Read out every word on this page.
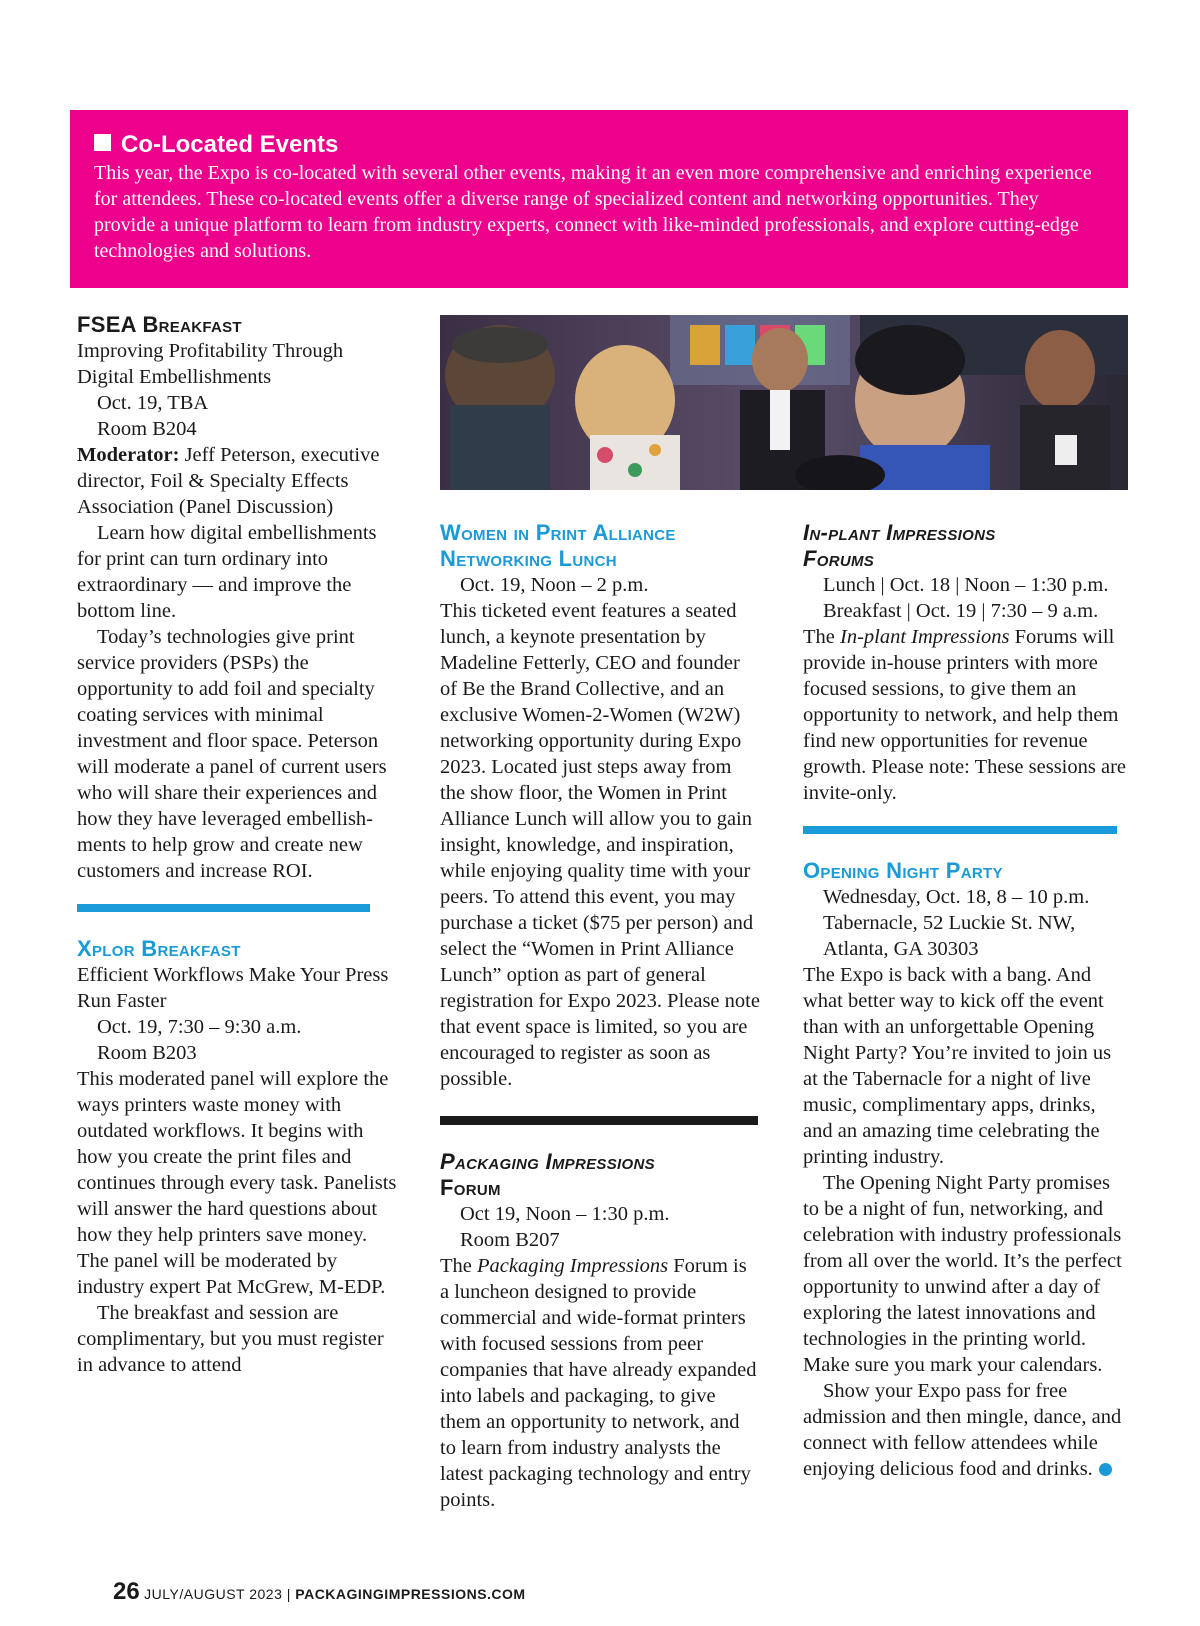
Co-Located Events
This year, the Expo is co-located with several other events, making it an even more comprehensive and enriching experience for attendees. These co-located events offer a diverse range of specialized content and networking opportunities. They provide a unique platform to learn from industry experts, connect with like-minded professionals, and explore cutting-edge technologies and solutions.
FSEA Breakfast

Improving Profitability Through Digital Embellishments

Oct. 19, TBA

Room B204

Moderator: Jeff Peterson, executive director, Foil & Specialty Effects Association (Panel Discussion)

Learn how digital embellishments for print can turn ordinary into extraordinary — and improve the bottom line.

Today’s technologies give print service providers (PSPs) the opportunity to add foil and specialty coating services with minimal investment and floor space. Peterson will moderate a panel of current users who will share their experiences and how they have leveraged embellish-ments to help grow and create new customers and increase ROI.

Xplor Breakfast

Efficient Workflows Make Your Press Run Faster

Oct. 19, 7:30 – 9:30 a.m.

Room B203

This moderated panel will explore the ways printers waste money with outdated workflows. It begins with how you create the print files and continues through every task. Panelists will answer the hard questions about how they help printers save money. The panel will be moderated by industry expert Pat McGrew, M-EDP.

The breakfast and session are complimentary, but you must register in advance to attend

Women in Print Alliance
Networking Lunch

Oct. 19, Noon – 2 p.m.

This ticketed event features a seated lunch, a keynote presentation by Madeline Fetterly, CEO and founder of Be the Brand Collective, and an exclusive Women-2-Women (W2W) networking opportunity during Expo 2023. Located just steps away from the show floor, the Women in Print Alliance Lunch will allow you to gain insight, knowledge, and inspiration, while enjoying quality time with your peers. To attend this event, you may purchase a ticket ($75 per person) and select the “Women in Print Alliance Lunch” option as part of general registration for Expo 2023. Please note that event space is limited, so you are encouraged to register as soon as possible.

Packaging Impressions
Forum

Oct 19, Noon – 1:30 p.m.

Room B207

The Packaging Impressions Forum is a luncheon designed to provide commercial and wide-format printers with focused sessions from peer companies that have already expanded into labels and packaging, to give them an opportunity to network, and to learn from industry analysts the latest packaging technology and entry points.

In-plant Impressions
Forums

Lunch | Oct. 18 | Noon – 1:30 p.m.

Breakfast | Oct. 19 | 7:30 – 9 a.m.

The In-plant Impressions Forums will provide in-house printers with more focused sessions, to give them an opportunity to network, and help them find new opportunities for revenue growth. Please note: These sessions are invite-only.

Opening Night Party

Wednesday, Oct. 18, 8 – 10 p.m.

Tabernacle, 52 Luckie St. NW,

Atlanta, GA 30303

The Expo is back with a bang. And what better way to kick off the event than with an unforgettable Opening Night Party? You’re invited to join us at the Tabernacle for a night of live music, complimentary apps, drinks, and an amazing time celebrating the printing industry.

The Opening Night Party promises to be a night of fun, networking, and celebration with industry professionals from all over the world. It’s the perfect opportunity to unwind after a day of exploring the latest innovations and technologies in the printing world. Make sure you mark your calendars.

Show your Expo pass for free admission and then mingle, dance, and connect with fellow attendees while enjoying delicious food and drinks.

26 JULY/AUGUST 2023 | PACKAGINGIMPRESSIONS.COM
